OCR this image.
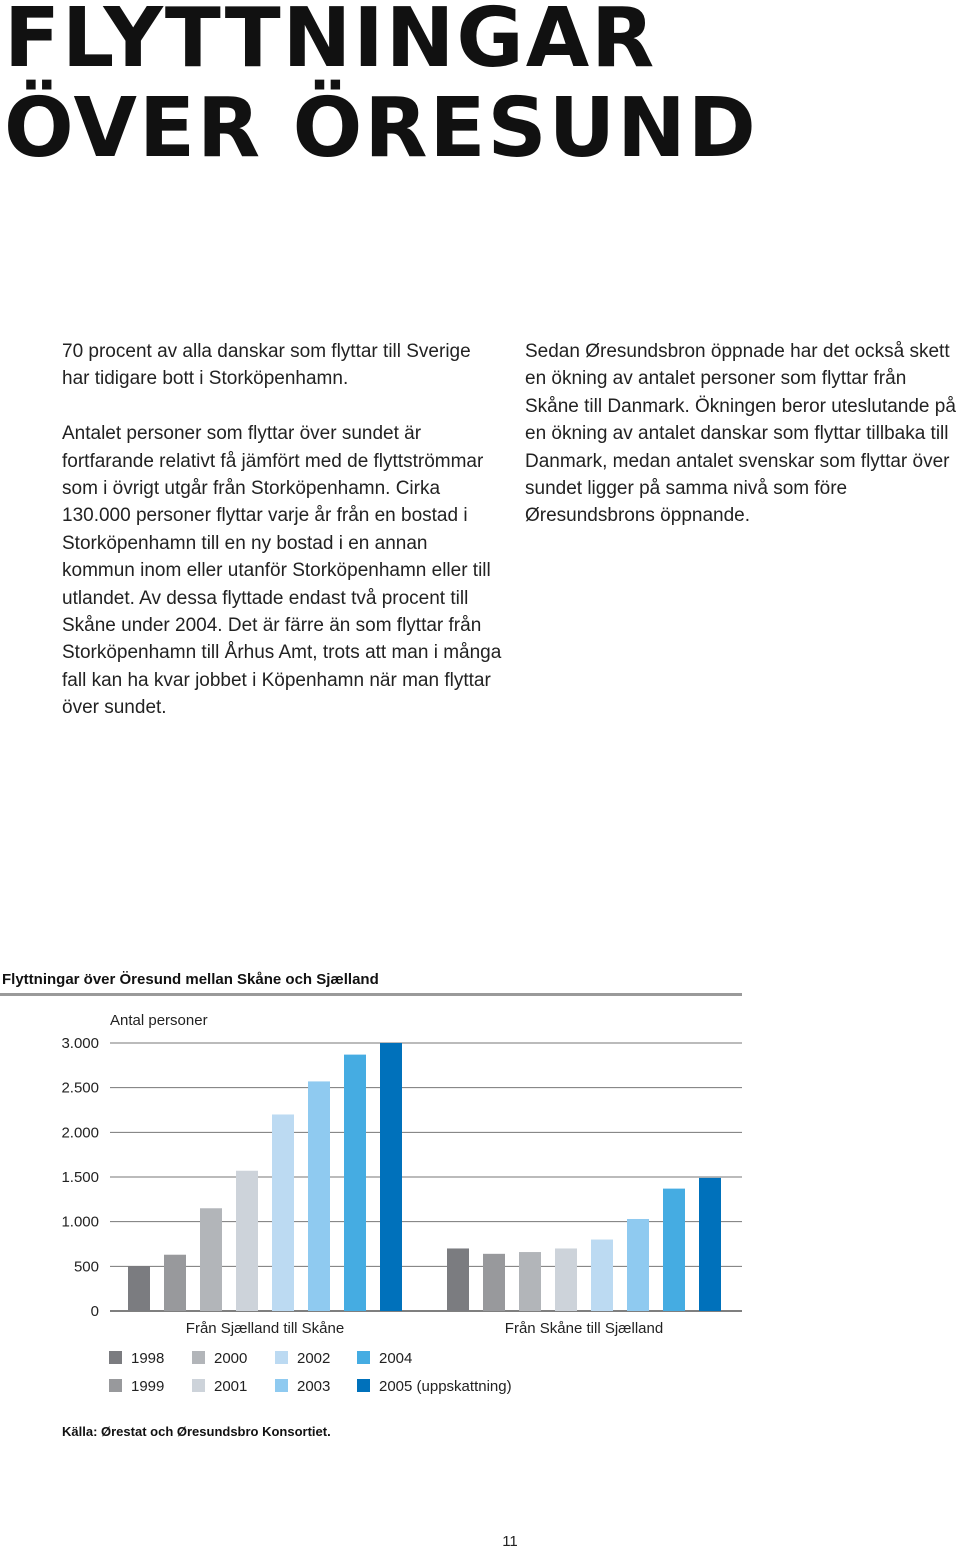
FLYTTNINGAR
ÖVER ÖRESUND

70 procent av alla danskar som flyttar till Sverige har tidigare bott i Storköpenhamn.

Antalet personer som flyttar över sundet är fortfarande relativt få jämfört med de flyttströmmar som i övrigt utgår från Storköpenhamn. Cirka 130.000 personer flyttar varje år från en bostad i Storköpenhamn till en ny bostad i en annan kommun inom eller utanför Storköpenhamn eller till utlandet. Av dessa flyttade endast två procent till Skåne under 2004. Det är färre än som flyttar från Storköpenhamn till Århus Amt, trots att man i många fall kan ha kvar jobbet i Köpenhamn när man flyttar över sundet.

Sedan Øresundsbron öppnade har det också skett en ökning av antalet personer som flyttar från Skåne till Danmark. Ökningen beror uteslutande på en ökning av antalet danskar som flyttar tillbaka till Danmark, medan antalet svenskar som flyttar över sundet ligger på samma nivå som före Øresundsbrons öppnande.

Flyttningar över Öresund mellan Skåne och Sjælland

0
500
1.000
1.500
2.000
2.500
3.000
Antal personer
Från Sjælland till Skåne	Från Skåne till Sjælland
1998
1999
2000
2001
2002
2003
2004
2005 (uppskattning)

Källa: Ørestat och Øresundsbro Konsortiet.

11
